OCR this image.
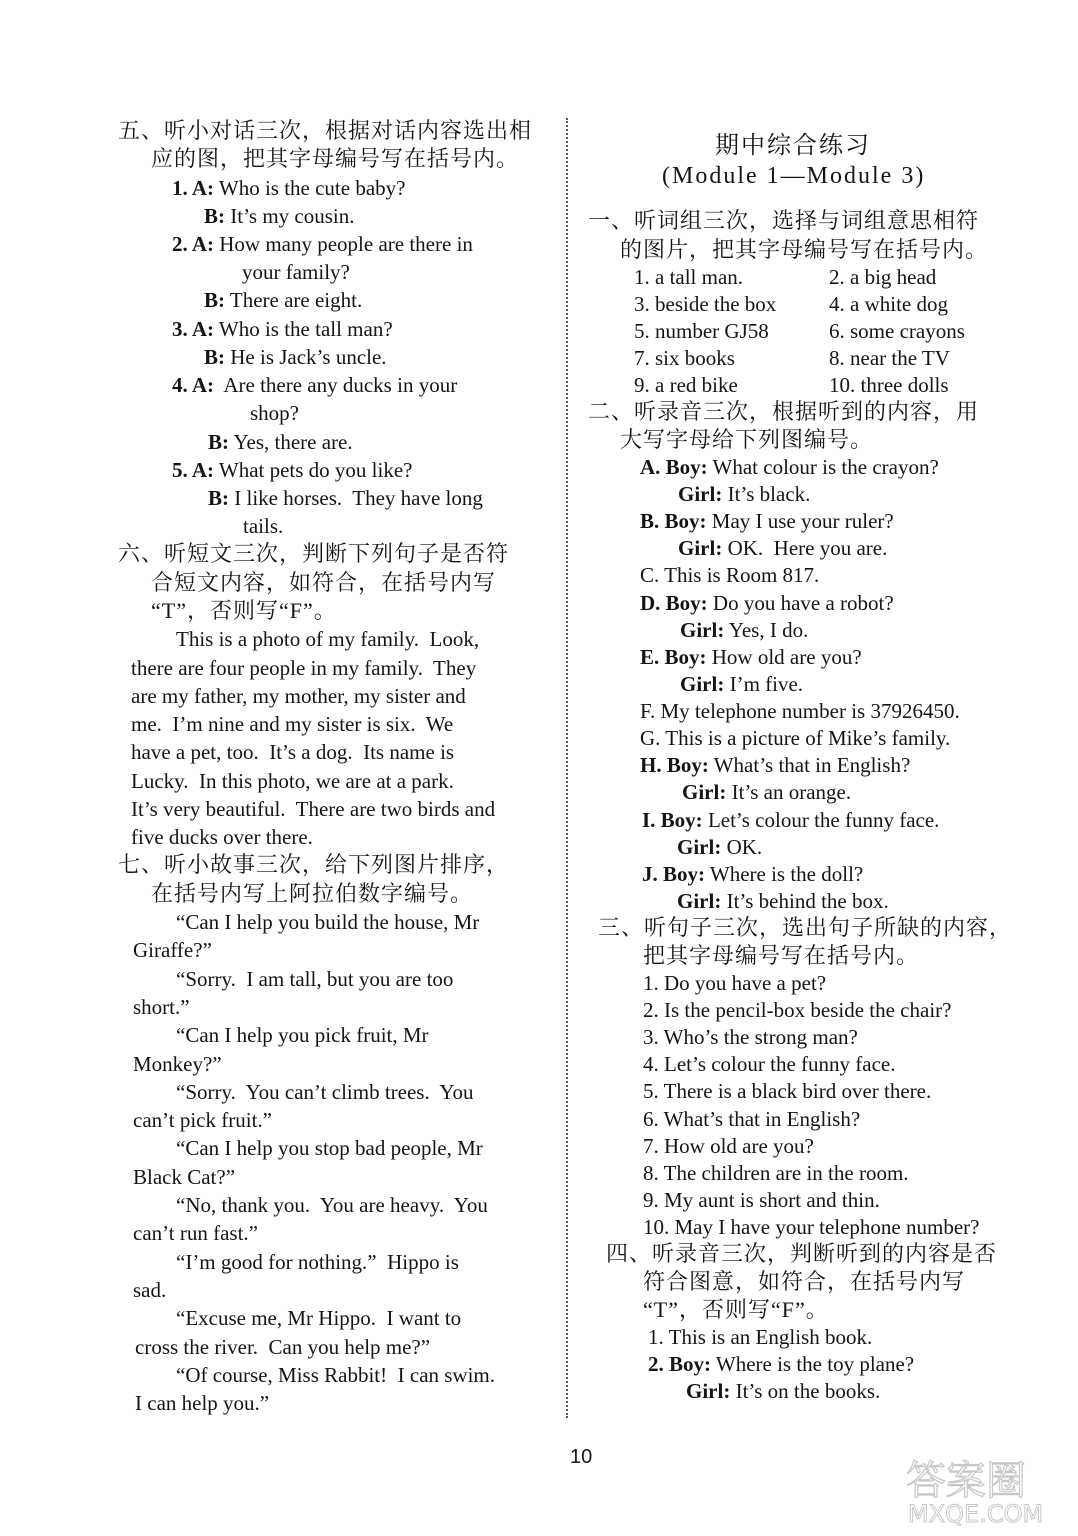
五、听小对话三次，根据对话内容选出相
应的图，把其字母编号写在括号内。
1. A: Who is the cute baby?
B: It’s my cousin.
2. A: How many people are there in
your family?
B: There are eight.
3. A: Who is the tall man?
B: He is Jack’s uncle.
4. A:  Are there any ducks in your
shop?
B: Yes, there are.
5. A: What pets do you like?
B: I like horses.  They have long
tails.
六、听短文三次，判断下列句子是否符
合短文内容，如符合，在括号内写
“T”，否则写“F”。
This is a photo of my family.  Look,
there are four people in my family.  They
are my father, my mother, my sister and
me.  I’m nine and my sister is six.  We
have a pet, too.  It’s a dog.  Its name is
Lucky.  In this photo, we are at a park.
It’s very beautiful.  There are two birds and
five ducks over there.
七、听小故事三次，给下列图片排序，
在括号内写上阿拉伯数字编号。
“Can I help you build the house, Mr
Giraffe?”
“Sorry.  I am tall, but you are too
short.”
“Can I help you pick fruit, Mr
Monkey?”
“Sorry.  You can’t climb trees.  You
can’t pick fruit.”
“Can I help you stop bad people, Mr
Black Cat?”
“No, thank you.  You are heavy.  You
can’t run fast.”
“I’m good for nothing.”  Hippo is
sad.
“Excuse me, Mr Hippo.  I want to
cross the river.  Can you help me?”
“Of course, Miss Rabbit!  I can swim.
I can help you.”
期中综合练习
(Module 1—Module 3)
一、听词组三次，选择与词组意思相符
的图片，把其字母编号写在括号内。
1. a tall man.	2. a big head
3. beside the box	4. a white dog
5. number GJ58	6. some crayons
7. six books	8. near the TV
9. a red bike	10. three dolls
二、听录音三次，根据听到的内容，用
大写字母给下列图编号。
A. Boy: What colour is the crayon?
Girl: It’s black.
B. Boy: May I use your ruler?
Girl: OK.  Here you are.
C. This is Room 817.
D. Boy: Do you have a robot?
Girl: Yes, I do.
E. Boy: How old are you?
Girl: I’m five.
F. My telephone number is 37926450.
G. This is a picture of Mike’s family.
H. Boy: What’s that in English?
Girl: It’s an orange.
I. Boy: Let’s colour the funny face.
Girl: OK.
J. Boy: Where is the doll?
Girl: It’s behind the box.
三、听句子三次，选出句子所缺的内容，
把其字母编号写在括号内。
1. Do you have a pet?
2. Is the pencil-box beside the chair?
3. Who’s the strong man?
4. Let’s colour the funny face.
5. There is a black bird over there.
6. What’s that in English?
7. How old are you?
8. The children are in the room.
9. My aunt is short and thin.
10. May I have your telephone number?
四、听录音三次，判断听到的内容是否
符合图意，如符合，在括号内写
“T”，否则写“F”。
1. This is an English book.
2. Boy: Where is the toy plane?
Girl: It’s on the books.
10
答案圈
MXQE.COM
